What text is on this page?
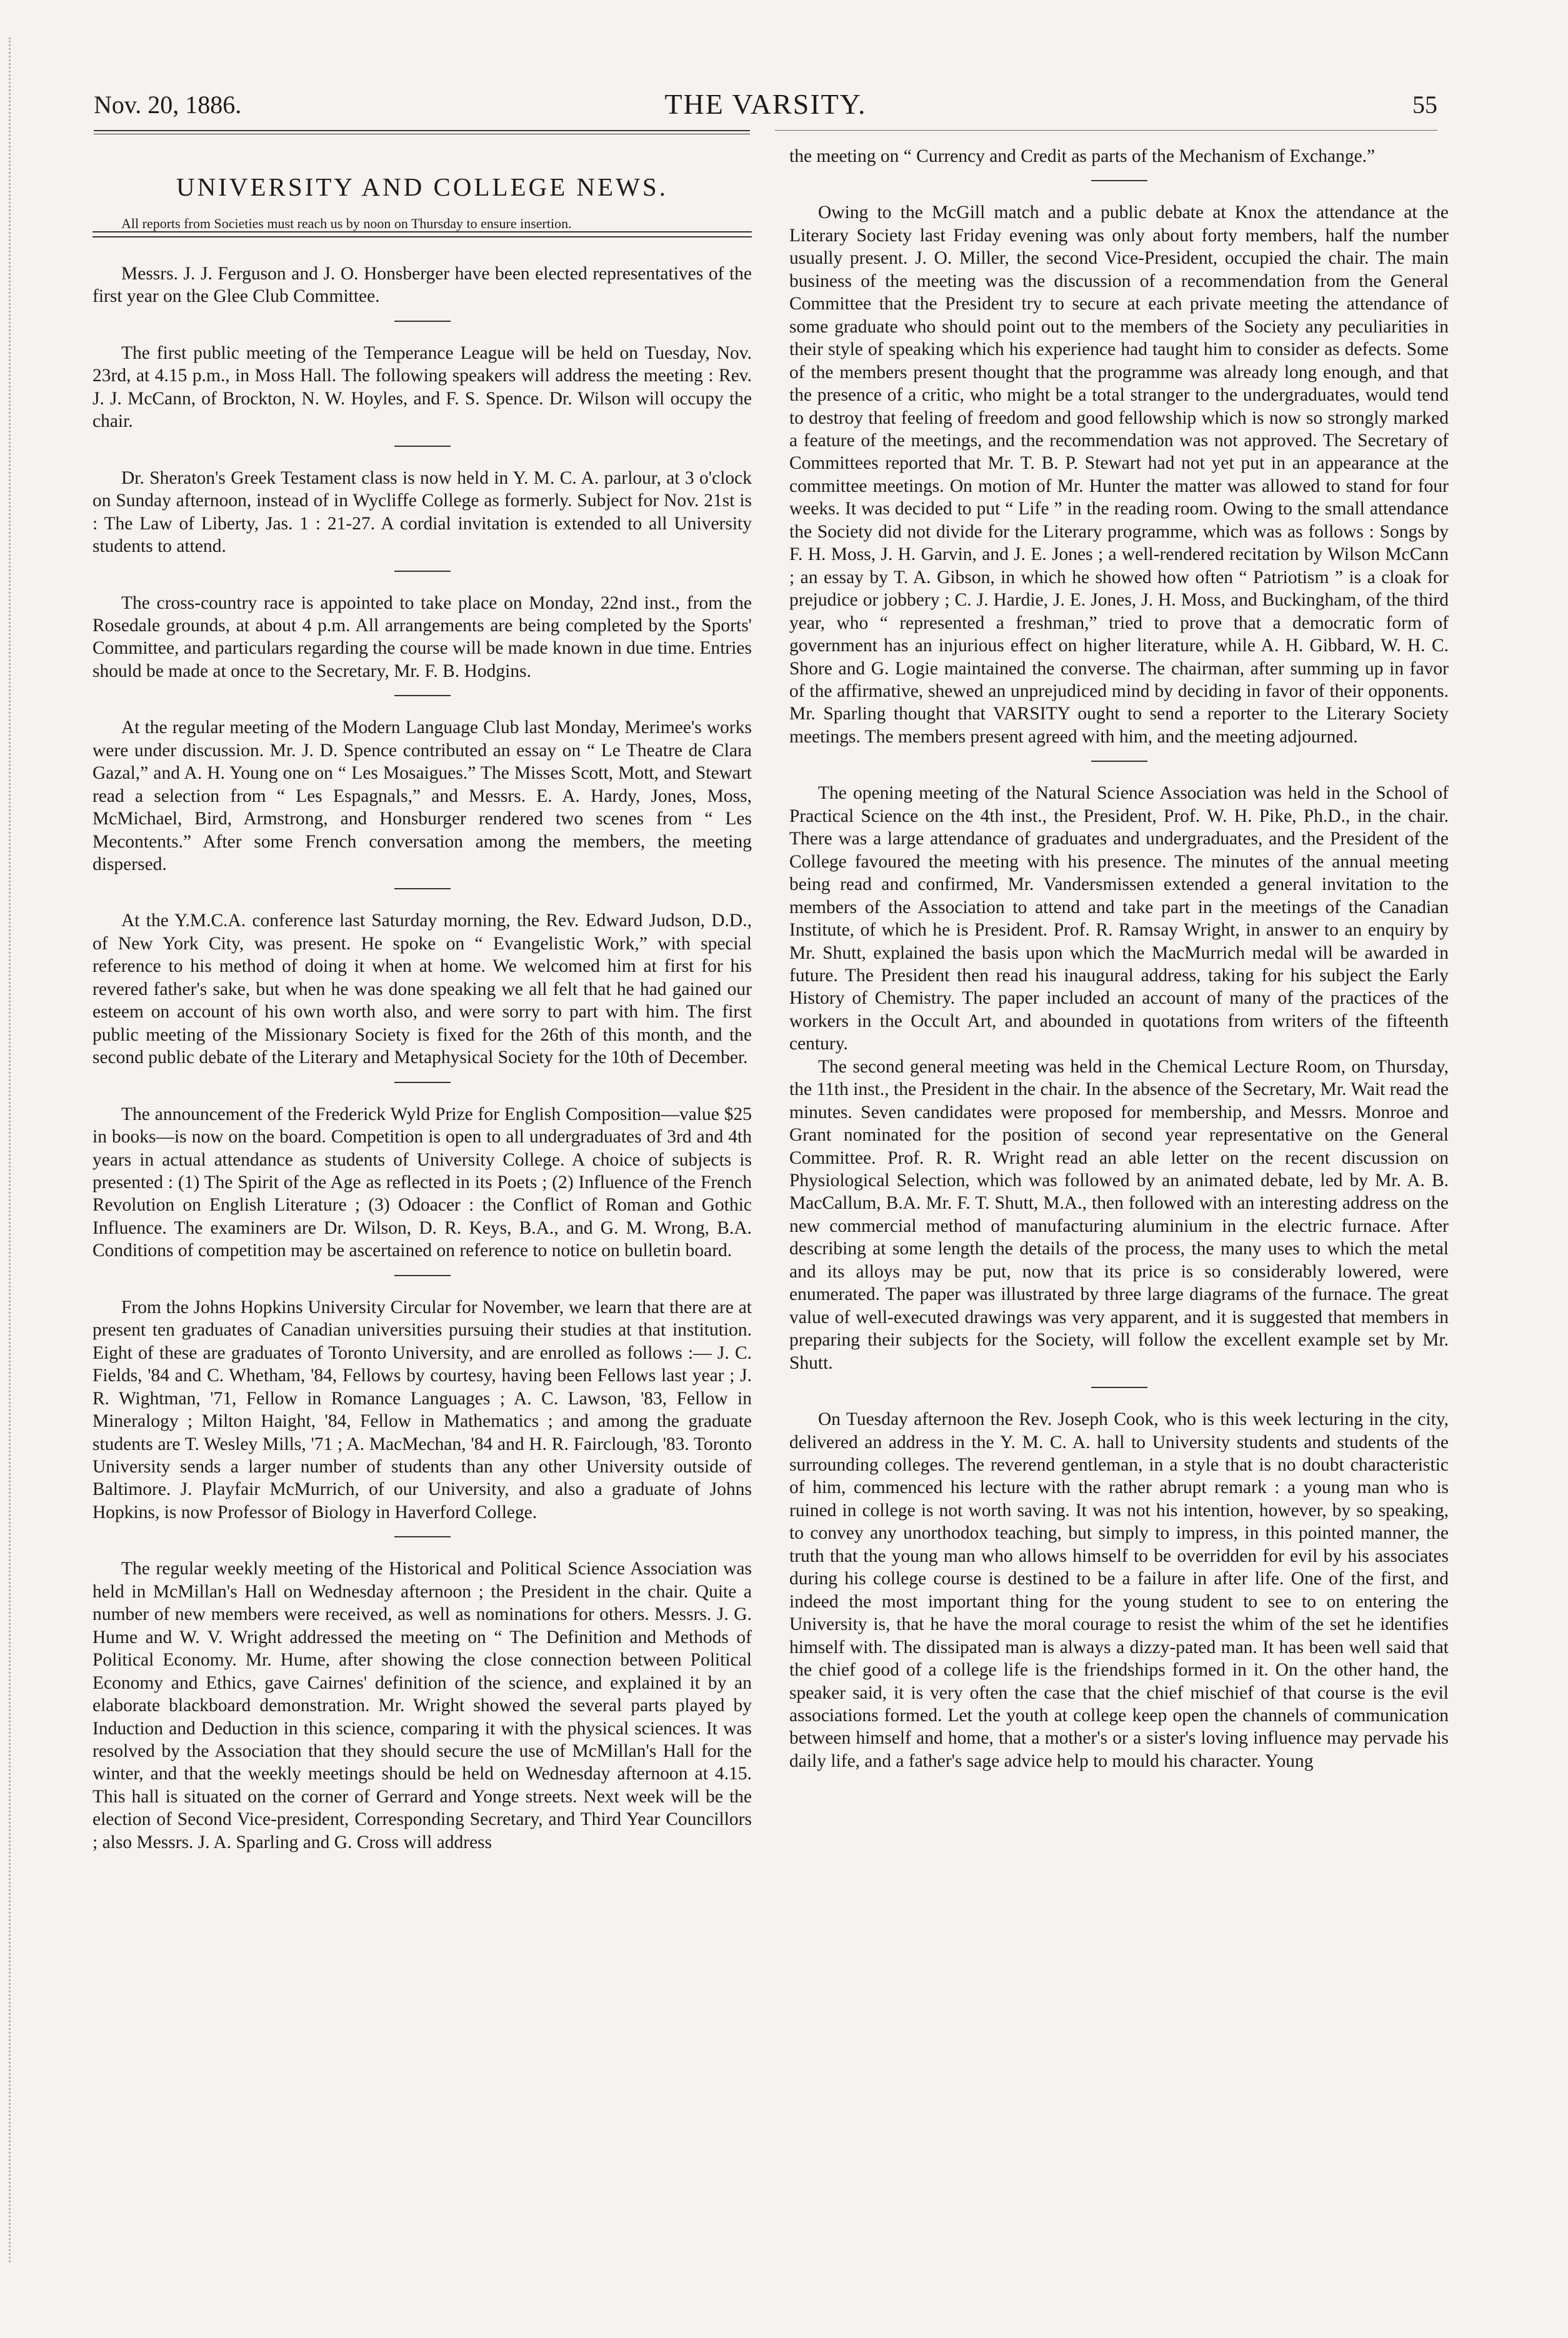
Nov. 20, 1886.	THE VARSITY.	55
UNIVERSITY AND COLLEGE NEWS.

All reports from Societies must reach us by noon on Thursday to ensure insertion.

Messrs. J. J. Ferguson and J. O. Honsberger have been elected representatives of the first year on the Glee Club Committee.

The first public meeting of the Temperance League will be held on Tuesday, Nov. 23rd, at 4.15 p.m., in Moss Hall. The following speakers will address the meeting : Rev. J. J. McCann, of Brockton, N. W. Hoyles, and F. S. Spence. Dr. Wilson will occupy the chair.

Dr. Sheraton's Greek Testament class is now held in Y. M. C. A. parlour, at 3 o'clock on Sunday afternoon, instead of in Wycliffe College as formerly. Subject for Nov. 21st is : The Law of Liberty, Jas. 1 : 21-27. A cordial invitation is extended to all University students to attend.

The cross-country race is appointed to take place on Monday, 22nd inst., from the Rosedale grounds, at about 4 p.m. All arrangements are being completed by the Sports' Committee, and particulars regarding the course will be made known in due time. Entries should be made at once to the Secretary, Mr. F. B. Hodgins.

At the regular meeting of the Modern Language Club last Monday, Merimee's works were under discussion. Mr. J. D. Spence contributed an essay on “ Le Theatre de Clara Gazal,” and A. H. Young one on “ Les Mosaigues.” The Misses Scott, Mott, and Stewart read a selection from “ Les Espagnals,” and Messrs. E. A. Hardy, Jones, Moss, McMichael, Bird, Armstrong, and Honsburger rendered two scenes from “ Les Mecontents.” After some French conversation among the members, the meeting dispersed.

At the Y.M.C.A. conference last Saturday morning, the Rev. Edward Judson, D.D., of New York City, was present. He spoke on “ Evangelistic Work,” with special reference to his method of doing it when at home. We welcomed him at first for his revered father's sake, but when he was done speaking we all felt that he had gained our esteem on account of his own worth also, and were sorry to part with him. The first public meeting of the Missionary Society is fixed for the 26th of this month, and the second public debate of the Literary and Metaphysical Society for the 10th of December.

The announcement of the Frederick Wyld Prize for English Composition—value $25 in books—is now on the board. Competition is open to all undergraduates of 3rd and 4th years in actual attendance as students of University College. A choice of subjects is presented : (1) The Spirit of the Age as reflected in its Poets ; (2) Influence of the French Revolution on English Literature ; (3) Odoacer : the Conflict of Roman and Gothic Influence. The examiners are Dr. Wilson, D. R. Keys, B.A., and G. M. Wrong, B.A. Conditions of competition may be ascertained on reference to notice on bulletin board.

From the Johns Hopkins University Circular for November, we learn that there are at present ten graduates of Canadian universities pursuing their studies at that institution. Eight of these are graduates of Toronto University, and are enrolled as follows :— J. C. Fields, '84 and C. Whetham, '84, Fellows by courtesy, having been Fellows last year ; J. R. Wightman, '71, Fellow in Romance Languages ; A. C. Lawson, '83, Fellow in Mineralogy ; Milton Haight, '84, Fellow in Mathematics ; and among the graduate students are T. Wesley Mills, '71 ; A. MacMechan, '84 and H. R. Fairclough, '83. Toronto University sends a larger number of students than any other University outside of Baltimore. J. Playfair McMurrich, of our University, and also a graduate of Johns Hopkins, is now Professor of Biology in Haverford College.

The regular weekly meeting of the Historical and Political Science Association was held in McMillan's Hall on Wednesday afternoon ; the President in the chair. Quite a number of new members were received, as well as nominations for others. Messrs. J. G. Hume and W. V. Wright addressed the meeting on “ The Definition and Methods of Political Economy. Mr. Hume, after showing the close connection between Political Economy and Ethics, gave Cairnes' definition of the science, and explained it by an elaborate blackboard demonstration. Mr. Wright showed the several parts played by Induction and Deduction in this science, comparing it with the physical sciences. It was resolved by the Association that they should secure the use of McMillan's Hall for the winter, and that the weekly meetings should be held on Wednesday afternoon at 4.15. This hall is situated on the corner of Gerrard and Yonge streets. Next week will be the election of Second Vice-president, Corresponding Secretary, and Third Year Councillors ; also Messrs. J. A. Sparling and G. Cross will address

the meeting on “ Currency and Credit as parts of the Mechanism of Exchange.”

Owing to the McGill match and a public debate at Knox the attendance at the Literary Society last Friday evening was only about forty members, half the number usually present. J. O. Miller, the second Vice-President, occupied the chair. The main business of the meeting was the discussion of a recommendation from the General Committee that the President try to secure at each private meeting the attendance of some graduate who should point out to the members of the Society any peculiarities in their style of speaking which his experience had taught him to consider as defects. Some of the members present thought that the programme was already long enough, and that the presence of a critic, who might be a total stranger to the undergraduates, would tend to destroy that feeling of freedom and good fellowship which is now so strongly marked a feature of the meetings, and the recommendation was not approved. The Secretary of Committees reported that Mr. T. B. P. Stewart had not yet put in an appearance at the committee meetings. On motion of Mr. Hunter the matter was allowed to stand for four weeks. It was decided to put “ Life ” in the reading room. Owing to the small attendance the Society did not divide for the Literary programme, which was as follows : Songs by F. H. Moss, J. H. Garvin, and J. E. Jones ; a well-rendered recitation by Wilson McCann ; an essay by T. A. Gibson, in which he showed how often “ Patriotism ” is a cloak for prejudice or jobbery ; C. J. Hardie, J. E. Jones, J. H. Moss, and Buckingham, of the third year, who “ represented a freshman,” tried to prove that a democratic form of government has an injurious effect on higher literature, while A. H. Gibbard, W. H. C. Shore and G. Logie maintained the converse. The chairman, after summing up in favor of the affirmative, shewed an unprejudiced mind by deciding in favor of their opponents. Mr. Sparling thought that VARSITY ought to send a reporter to the Literary Society meetings. The members present agreed with him, and the meeting adjourned.

The opening meeting of the Natural Science Association was held in the School of Practical Science on the 4th inst., the President, Prof. W. H. Pike, Ph.D., in the chair. There was a large attendance of graduates and undergraduates, and the President of the College favoured the meeting with his presence. The minutes of the annual meeting being read and confirmed, Mr. Vandersmissen extended a general invitation to the members of the Association to attend and take part in the meetings of the Canadian Institute, of which he is President. Prof. R. Ramsay Wright, in answer to an enquiry by Mr. Shutt, explained the basis upon which the MacMurrich medal will be awarded in future. The President then read his inaugural address, taking for his subject the Early History of Chemistry. The paper included an account of many of the practices of the workers in the Occult Art, and abounded in quotations from writers of the fifteenth century.

The second general meeting was held in the Chemical Lecture Room, on Thursday, the 11th inst., the President in the chair. In the absence of the Secretary, Mr. Wait read the minutes. Seven candidates were proposed for membership, and Messrs. Monroe and Grant nominated for the position of second year representative on the General Committee. Prof. R. R. Wright read an able letter on the recent discussion on Physiological Selection, which was followed by an animated debate, led by Mr. A. B. MacCallum, B.A. Mr. F. T. Shutt, M.A., then followed with an interesting address on the new commercial method of manufacturing aluminium in the electric furnace. After describing at some length the details of the process, the many uses to which the metal and its alloys may be put, now that its price is so considerably lowered, were enumerated. The paper was illustrated by three large diagrams of the furnace. The great value of well-executed drawings was very apparent, and it is suggested that members in preparing their subjects for the Society, will follow the excellent example set by Mr. Shutt.

On Tuesday afternoon the Rev. Joseph Cook, who is this week lecturing in the city, delivered an address in the Y. M. C. A. hall to University students and students of the surrounding colleges. The reverend gentleman, in a style that is no doubt characteristic of him, commenced his lecture with the rather abrupt remark : a young man who is ruined in college is not worth saving. It was not his intention, however, by so speaking, to convey any unorthodox teaching, but simply to impress, in this pointed manner, the truth that the young man who allows himself to be overridden for evil by his associates during his college course is destined to be a failure in after life. One of the first, and indeed the most important thing for the young student to see to on entering the University is, that he have the moral courage to resist the whim of the set he identifies himself with. The dissipated man is always a dizzy-pated man. It has been well said that the chief good of a college life is the friendships formed in it. On the other hand, the speaker said, it is very often the case that the chief mischief of that course is the evil associations formed. Let the youth at college keep open the channels of communication between himself and home, that a mother's or a sister's loving influence may pervade his daily life, and a father's sage advice help to mould his character. Young
